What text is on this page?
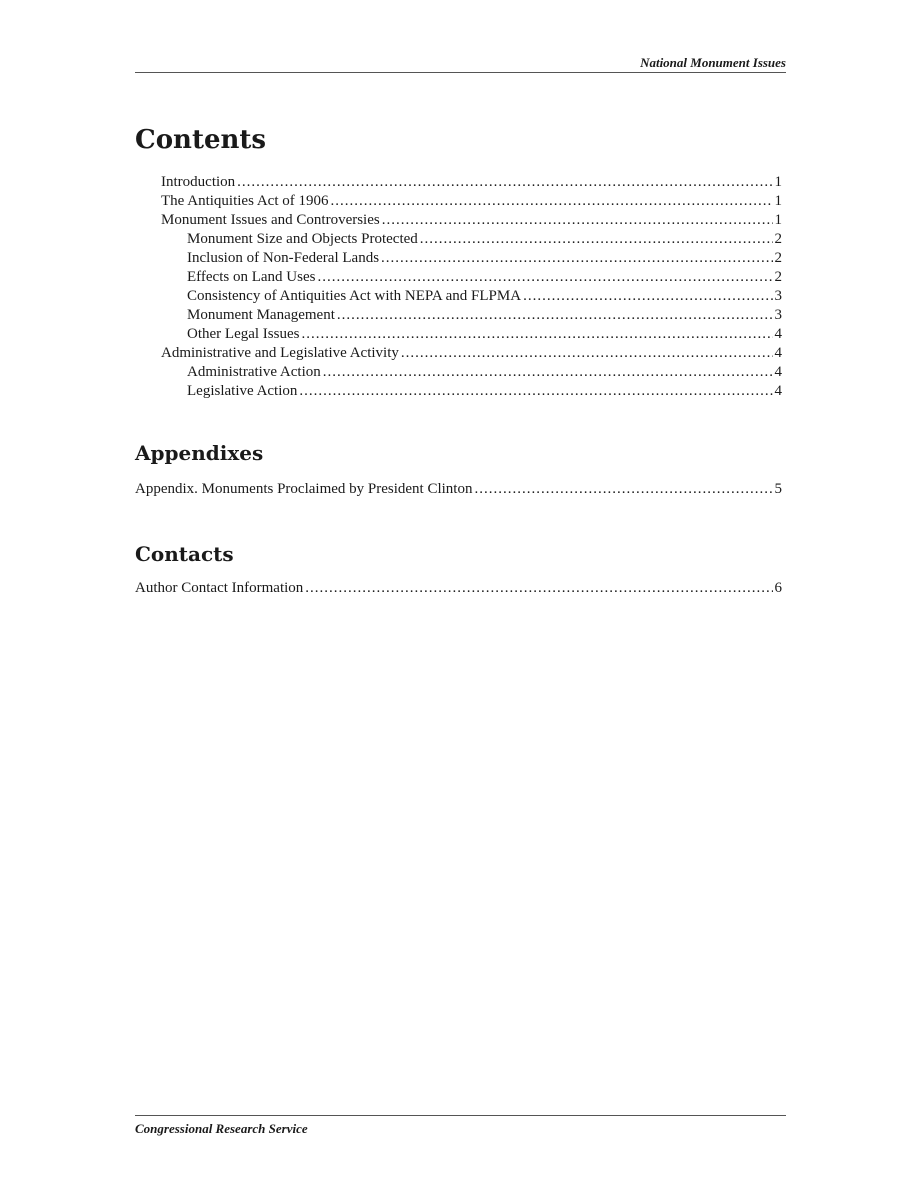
National Monument Issues
Contents
Introduction .....	1
The Antiquities Act of 1906 .....	1
Monument Issues and Controversies .....	1
Monument Size and Objects Protected .....	2
Inclusion of Non-Federal Lands .....	2
Effects on Land Uses .....	2
Consistency of Antiquities Act with NEPA and FLPMA .....	3
Monument Management .....	3
Other Legal Issues .....	4
Administrative and Legislative Activity .....	4
Administrative Action .....	4
Legislative Action .....	4
Appendixes
Appendix. Monuments Proclaimed by President Clinton .....	5
Contacts
Author Contact Information .....	6
Congressional Research Service
